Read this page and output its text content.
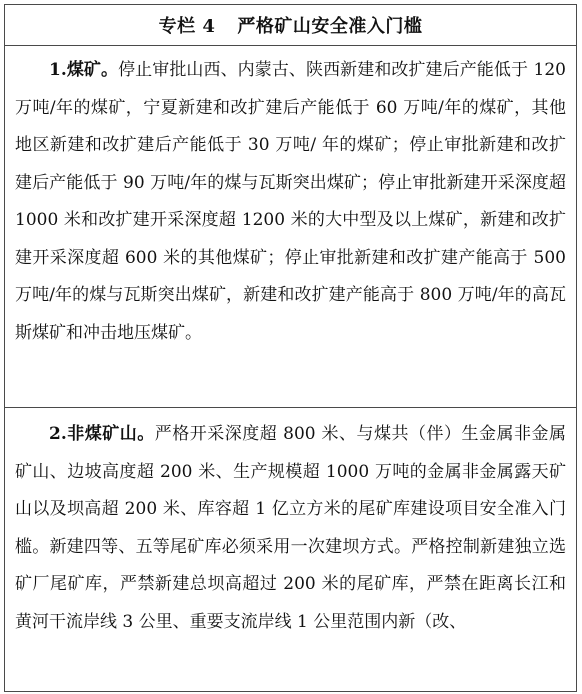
专栏 4 严格矿山安全准入门槛

1.煤矿。停止审批山西、内蒙古、陕西新建和改扩建后产能低于 120 万吨/年的煤矿，宁夏新建和改扩建后产能低于 60 万吨/年的煤矿，其他地区新建和改扩建后产能低于 30 万吨/ 年的煤矿；停止审批新建和改扩建后产能低于 90 万吨/年的煤与瓦斯突出煤矿；停止审批新建开采深度超 1000 米和改扩建开采深度超 1200 米的大中型及以上煤矿，新建和改扩建开采深度超 600 米的其他煤矿；停止审批新建和改扩建产能高于 500 万吨/年的煤与瓦斯突出煤矿，新建和改扩建产能高于 800 万吨/年的高瓦斯煤矿和冲击地压煤矿。

2.非煤矿山。严格开采深度超 800 米、与煤共（伴）生金属非金属矿山、边坡高度超 200 米、生产规模超 1000 万吨的金属非金属露天矿山以及坝高超 200 米、库容超 1 亿立方米的尾矿库建设项目安全准入门槛。新建四等、五等尾矿库必须采用一次建坝方式。严格控制新建独立选矿厂尾矿库，严禁新建总坝高超过 200 米的尾矿库，严禁在距离长江和黄河干流岸线 3 公里、重要支流岸线 1 公里范围内新（改、
